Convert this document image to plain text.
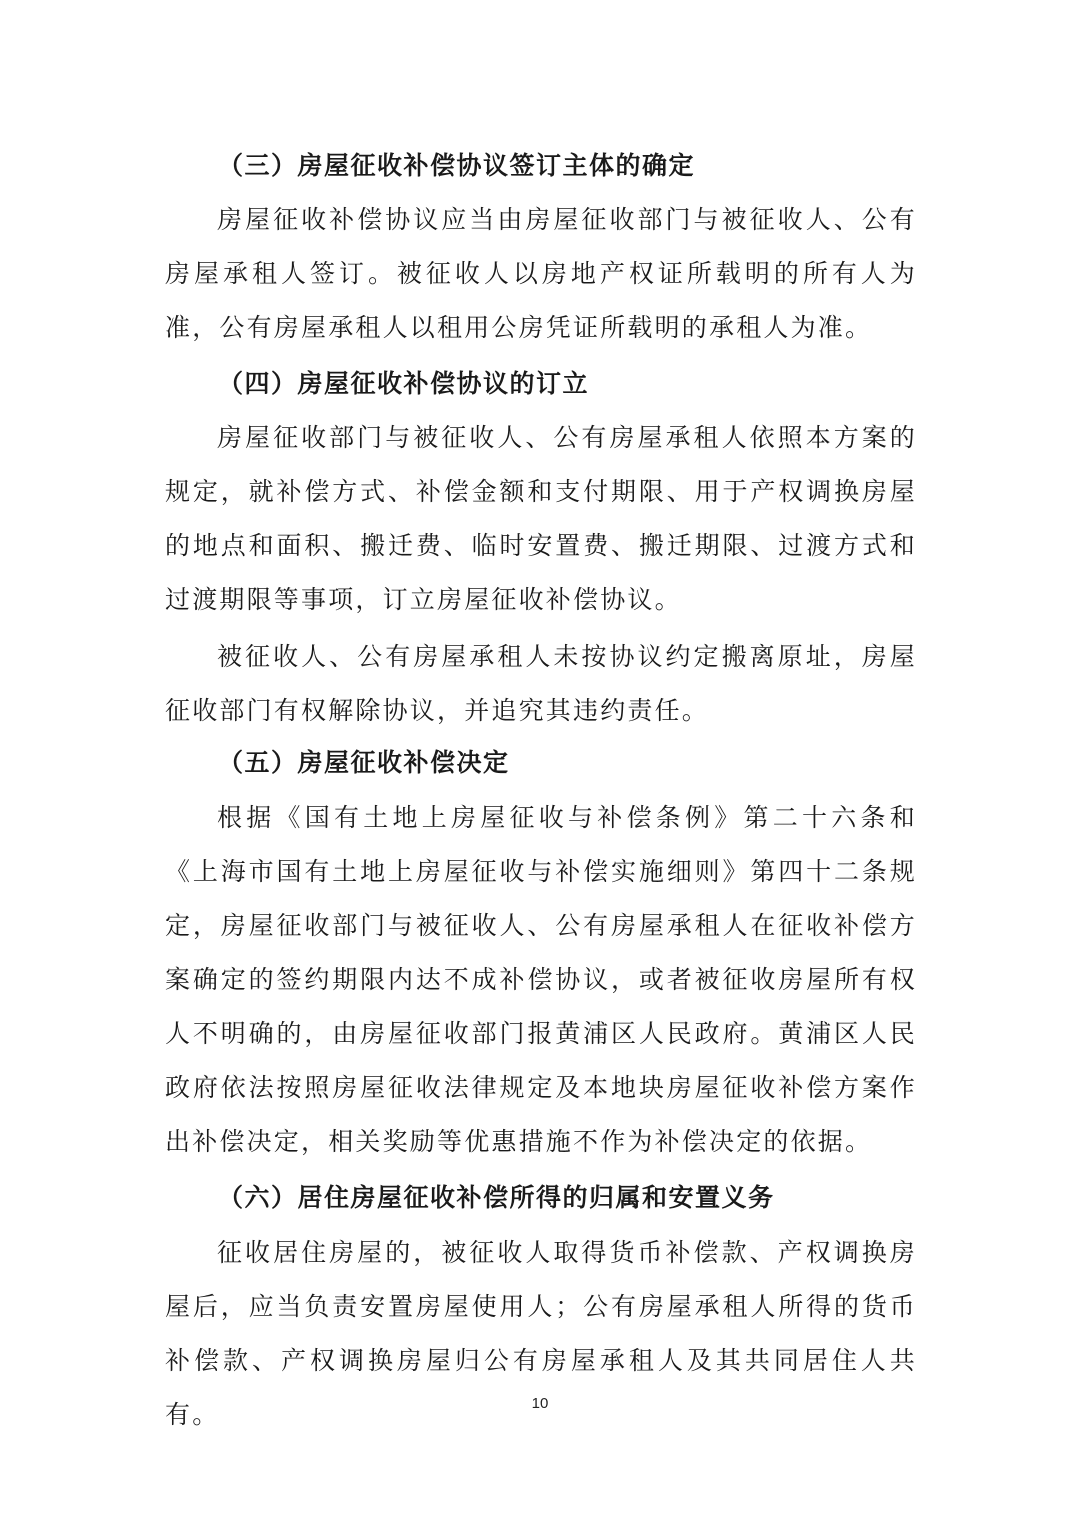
（三）房屋征收补偿协议签订主体的确定
房屋征收补偿协议应当由房屋征收部门与被征收人、公有房屋承租人签订。被征收人以房地产权证所载明的所有人为准，公有房屋承租人以租用公房凭证所载明的承租人为准。
（四）房屋征收补偿协议的订立
房屋征收部门与被征收人、公有房屋承租人依照本方案的规定，就补偿方式、补偿金额和支付期限、用于产权调换房屋的地点和面积、搬迁费、临时安置费、搬迁期限、过渡方式和过渡期限等事项，订立房屋征收补偿协议。
被征收人、公有房屋承租人未按协议约定搬离原址，房屋征收部门有权解除协议，并追究其违约责任。
（五）房屋征收补偿决定
根据《国有土地上房屋征收与补偿条例》第二十六条和《上海市国有土地上房屋征收与补偿实施细则》第四十二条规定，房屋征收部门与被征收人、公有房屋承租人在征收补偿方案确定的签约期限内达不成补偿协议，或者被征收房屋所有权人不明确的，由房屋征收部门报黄浦区人民政府。黄浦区人民政府依法按照房屋征收法律规定及本地块房屋征收补偿方案作出补偿决定，相关奖励等优惠措施不作为补偿决定的依据。
（六）居住房屋征收补偿所得的归属和安置义务
征收居住房屋的，被征收人取得货币补偿款、产权调换房屋后，应当负责安置房屋使用人；公有房屋承租人所得的货币补偿款、产权调换房屋归公有房屋承租人及其共同居住人共有。	10
